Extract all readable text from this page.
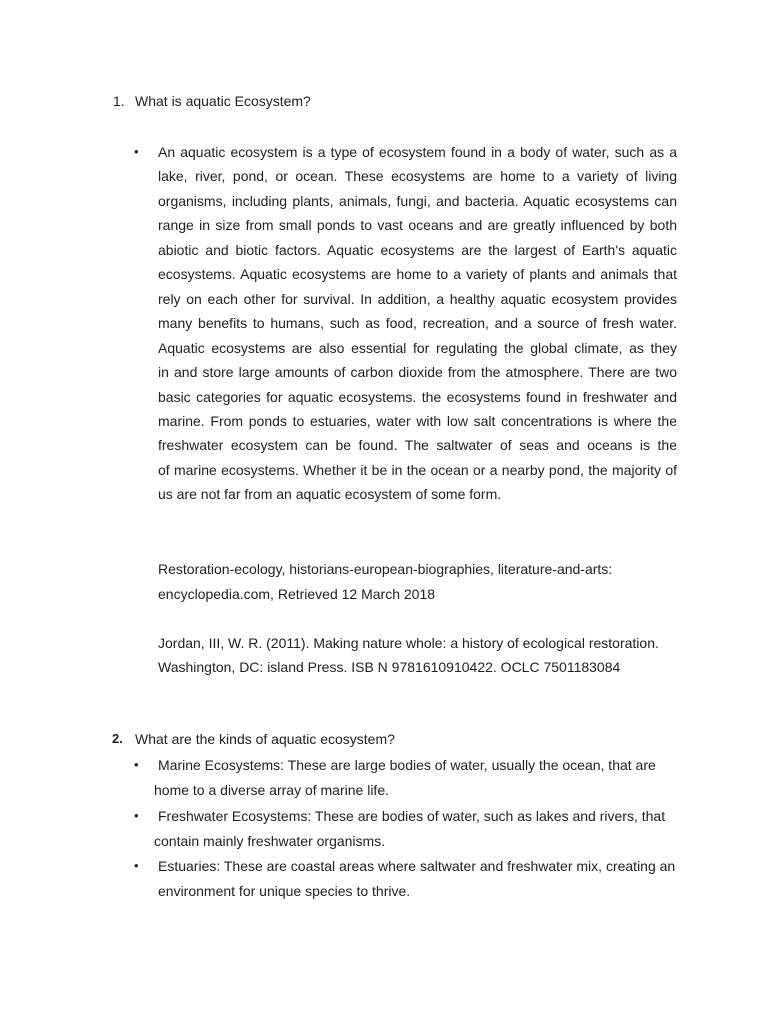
1. What is aquatic Ecosystem?
• An aquatic ecosystem is a type of ecosystem found in a body of water, such as a
lake, river, pond, or ocean. These ecosystems are home to a variety of living
organisms, including plants, animals, fungi, and bacteria. Aquatic ecosystems can
range in size from small ponds to vast oceans and are greatly influenced by both
abiotic and biotic factors. Aquatic ecosystems are the largest of Earth's aquatic
ecosystems. Aquatic ecosystems are home to a variety of plants and animals that
rely on each other for survival. In addition, a healthy aquatic ecosystem provides
many benefits to humans, such as food, recreation, and a source of fresh water.
Aquatic ecosystems are also essential for regulating the global climate, as they
in and store large amounts of carbon dioxide from the atmosphere. There are two
basic categories for aquatic ecosystems. the ecosystems found in freshwater and
marine. From ponds to estuaries, water with low salt concentrations is where the
freshwater ecosystem can be found. The saltwater of seas and oceans is the
of marine ecosystems. Whether it be in the ocean or a nearby pond, the majority of
us are not far from an aquatic ecosystem of some form.
Restoration-ecology, historians-european-biographies, literature-and-arts:
encyclopedia.com, Retrieved 12 March 2018
Jordan, III, W. R. (2011). Making nature whole: a history of ecological restoration.
Washington, DC: island Press. ISB N 9781610910422. OCLC 7501183084
2. What are the kinds of aquatic ecosystem?
• Marine Ecosystems: These are large bodies of water, usually the ocean, that are
home to a diverse array of marine life.
• Freshwater Ecosystems: These are bodies of water, such as lakes and rivers, that
contain mainly freshwater organisms.
• Estuaries: These are coastal areas where saltwater and freshwater mix, creating an
environment for unique species to thrive.
